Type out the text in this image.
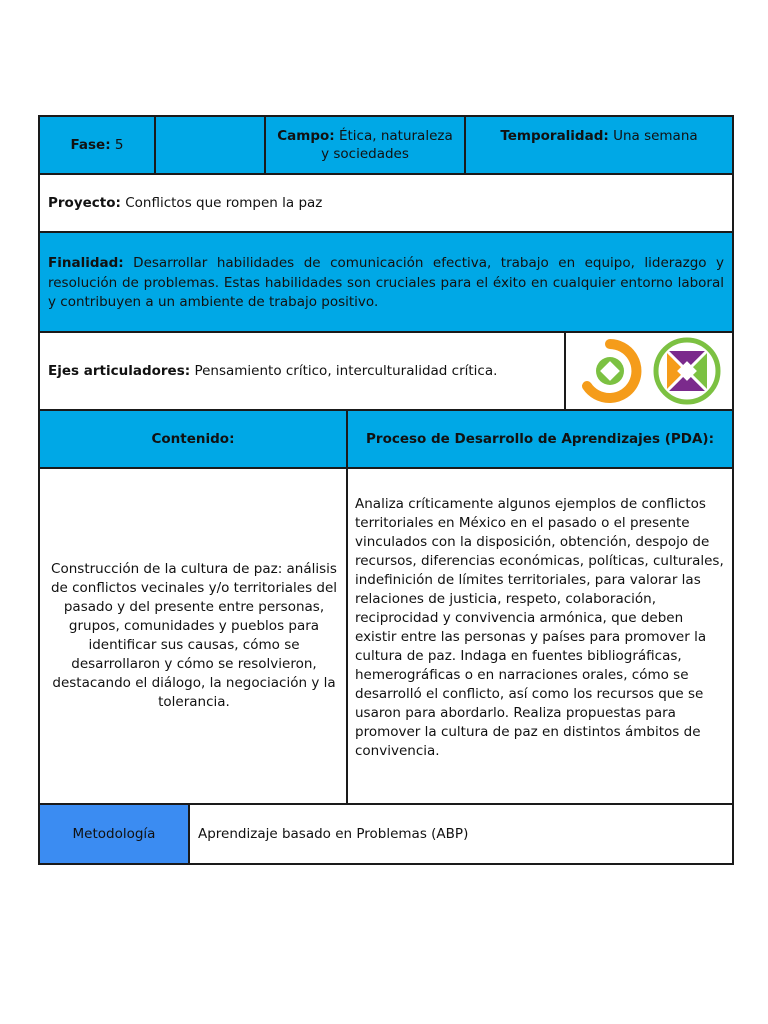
Fase:
5
Campo: Ética, naturaleza
y sociedades
Temporalidad: Una semana
Proyecto:
Conflictos que rompen la paz
Finalidad: Desarrollar habilidades de comunicación efectiva, trabajo en equipo, liderazgo y resolución de problemas. Estas habilidades son cruciales para el éxito en cualquier entorno laboral y contribuyen a un ambiente de trabajo positivo.
Ejes articuladores:
Pensamiento crítico, interculturalidad crítica.
Contenido:	Proceso de Desarrollo de Aprendizajes (PDA):
Construcción de la cultura de paz: análisis de conflictos vecinales y/o territoriales del pasado y del presente entre personas, grupos, comunidades y pueblos para identificar sus causas, cómo se desarrollaron y cómo se resolvieron, destacando el diálogo, la negociación y la tolerancia.
Analiza críticamente algunos ejemplos de conflictos territoriales en México en el pasado o el presente vinculados con la disposición, obtención, despojo de recursos, diferencias económicas, políticas, culturales, indefinición de límites territoriales, para valorar las relaciones de justicia, respeto, colaboración, reciprocidad y convivencia armónica, que deben existir entre las personas y países para promover la cultura de paz. Indaga en fuentes bibliográficas, hemerográficas o en narraciones orales, cómo se desarrolló el conflicto, así como los recursos que se usaron para abordarlo. Realiza propuestas para promover la cultura de paz en distintos ámbitos de convivencia.
Metodología	Aprendizaje basado en Problemas (ABP)
